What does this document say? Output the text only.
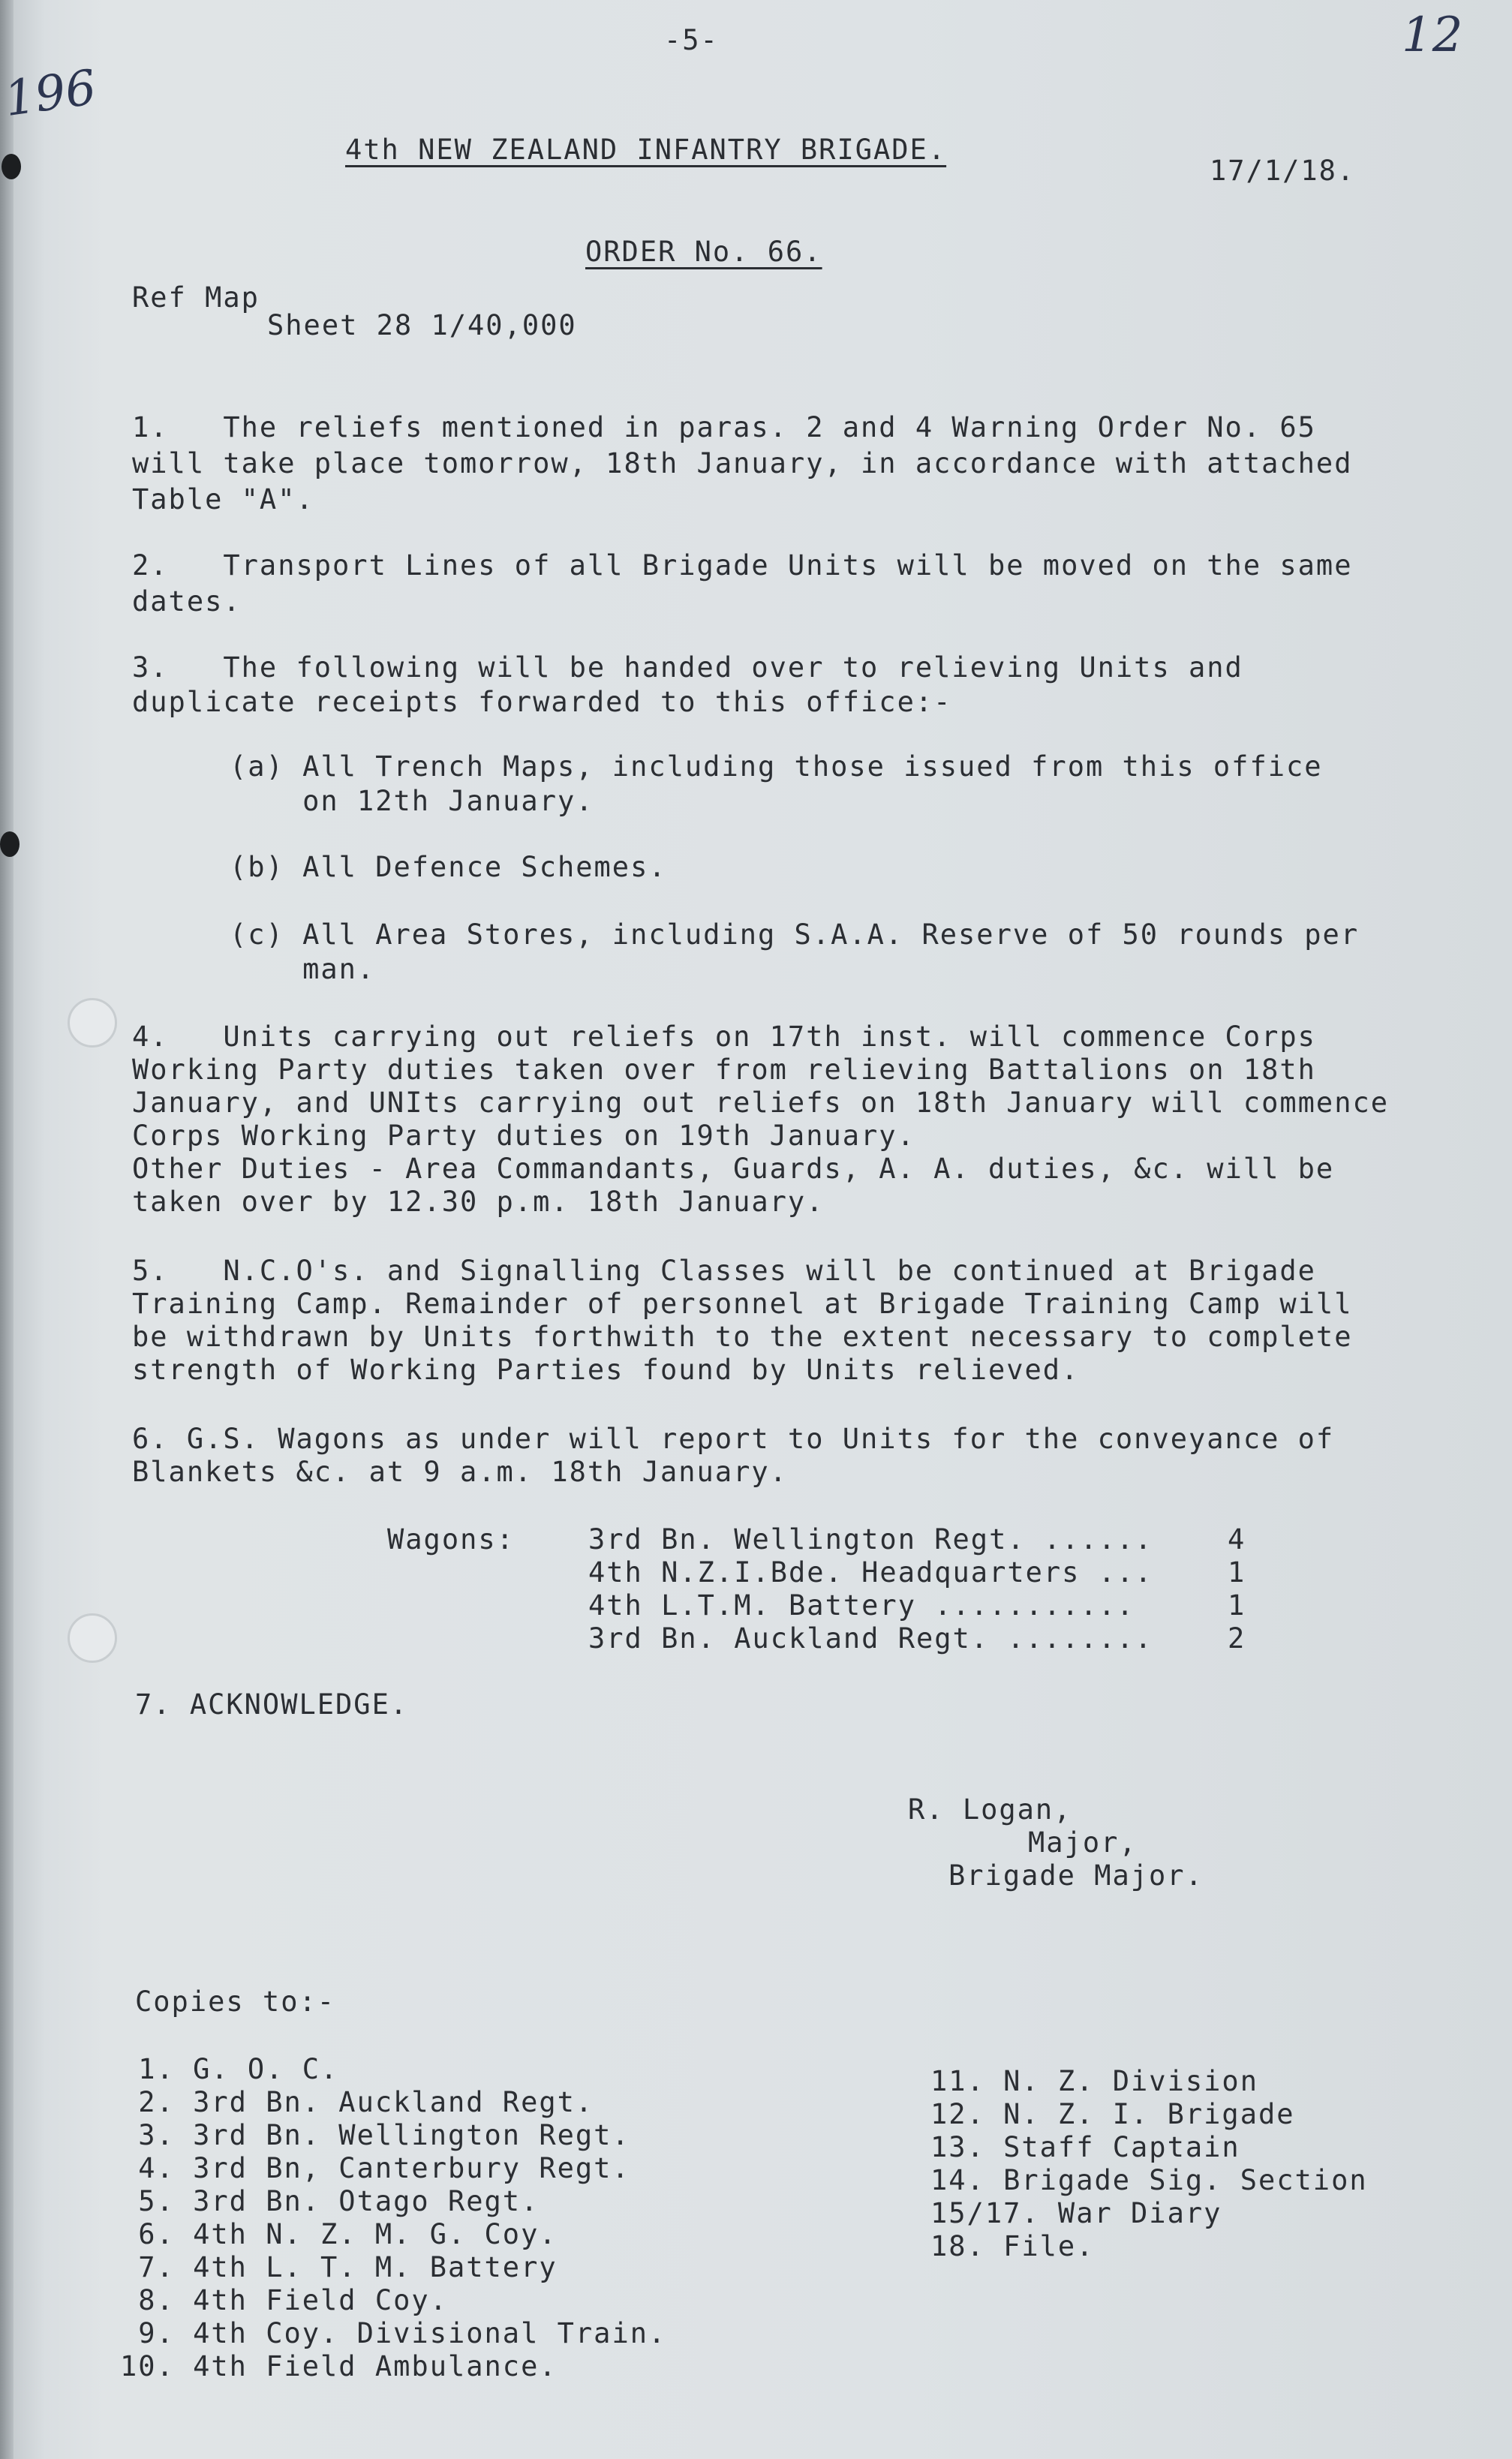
196
12
-5-
4th NEW ZEALAND INFANTRY BRIGADE.
17/1/18.
ORDER No. 66.
Ref Map
Sheet 28 1/40,000
1.   The reliefs mentioned in paras. 2 and 4 Warning Order No. 65
will take place tomorrow, 18th January, in accordance with attached
Table "A".
2.   Transport Lines of all Brigade Units will be moved on the same
dates.
3.   The following will be handed over to relieving Units and
duplicate receipts forwarded to this office:-
(a) All Trench Maps, including those issued from this office
on 12th January.
(b) All Defence Schemes.
(c) All Area Stores, including S.A.A. Reserve of 50 rounds per
man.
4.   Units carrying out reliefs on 17th inst. will commence Corps
Working Party duties taken over from relieving Battalions on 18th
January, and UNIts carrying out reliefs on 18th January will commence
Corps Working Party duties on 19th January.
Other Duties - Area Commandants, Guards, A. A. duties, &c. will be
taken over by 12.30 p.m. 18th January.
5.   N.C.O's. and Signalling Classes will be continued at Brigade
Training Camp. Remainder of personnel at Brigade Training Camp will
be withdrawn by Units forthwith to the extent necessary to complete
strength of Working Parties found by Units relieved.
6. G.S. Wagons as under will report to Units for the conveyance of
Blankets &c. at 9 a.m. 18th January.
Wagons:	3rd Bn. Wellington Regt. ......	4
4th N.Z.I.Bde. Headquarters ...	1
4th L.T.M. Battery ...........	1
3rd Bn. Auckland Regt. ........	2
7. ACKNOWLEDGE.
R. Logan,
Major,
Brigade Major.
Copies to:-
1. G. O. C.
2. 3rd Bn. Auckland Regt.
3. 3rd Bn. Wellington Regt.
4. 3rd Bn, Canterbury Regt.
5. 3rd Bn. Otago Regt.
6. 4th N. Z. M. G. Coy.
7. 4th L. T. M. Battery
8. 4th Field Coy.
9. 4th Coy. Divisional Train.
10. 4th Field Ambulance.
11. N. Z. Division
12. N. Z. I. Brigade
13. Staff Captain
14. Brigade Sig. Section
15/17. War Diary
18. File.
